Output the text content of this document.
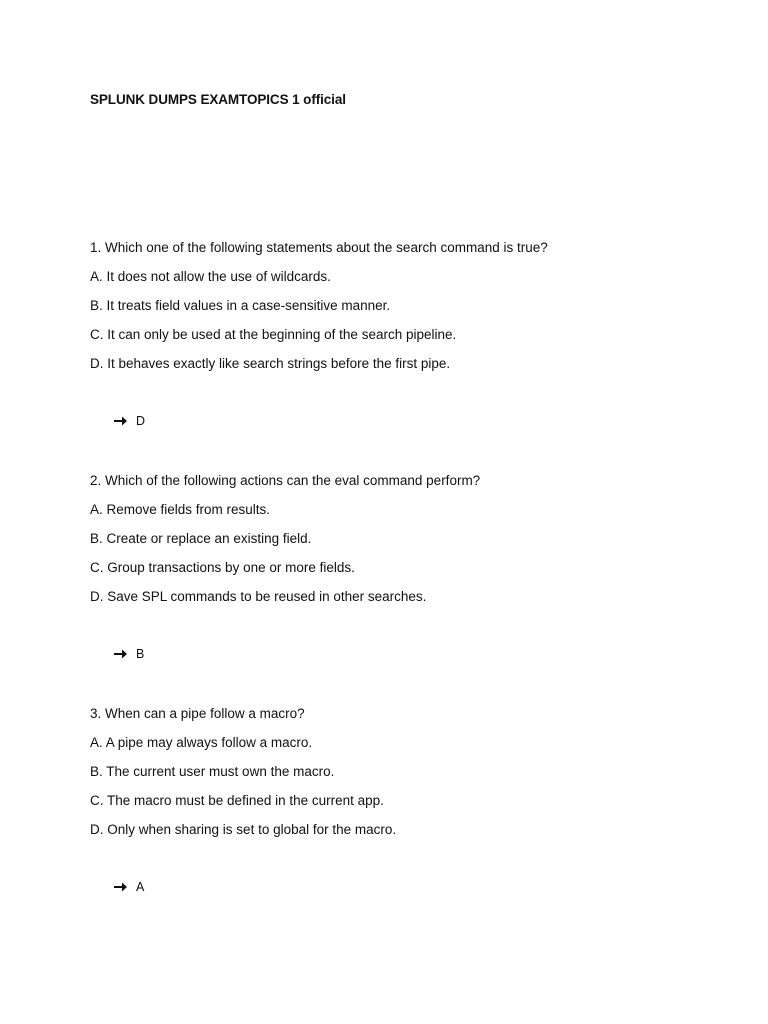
SPLUNK DUMPS EXAMTOPICS 1 official
1. Which one of the following statements about the search command is true?
A. It does not allow the use of wildcards.
B. It treats field values in a case-sensitive manner.
C. It can only be used at the beginning of the search pipeline.
D. It behaves exactly like search strings before the first pipe.
D
2. Which of the following actions can the eval command perform?
A. Remove fields from results.
B. Create or replace an existing field.
C. Group transactions by one or more fields.
D. Save SPL commands to be reused in other searches.
B
3. When can a pipe follow a macro?
A. A pipe may always follow a macro.
B. The current user must own the macro.
C. The macro must be defined in the current app.
D. Only when sharing is set to global for the macro.
A
